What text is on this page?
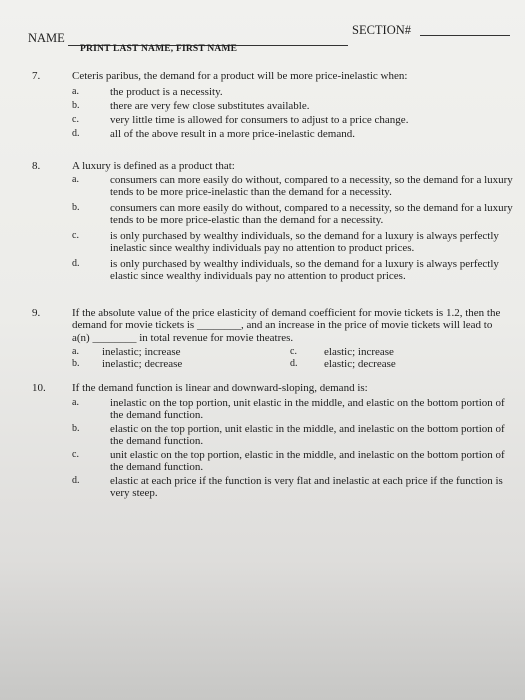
NAME
SECTION#
PRINT LAST NAME, FIRST NAME
7.	Ceteris paribus, the demand for a product will be more price-inelastic when:
a.	the product is a necessity.
b.	there are very few close substitutes available.
c.	very little time is allowed for consumers to adjust to a price change.
d.	all of the above result in a more price-inelastic demand.
8.	A luxury is defined as a product that:
a.	consumers can more easily do without, compared to a necessity, so the demand for a luxury tends to be more price-inelastic than the demand for a necessity.
b.	consumers can more easily do without, compared to a necessity, so the demand for a luxury tends to be more price-elastic than the demand for a necessity.
c.	is only purchased by wealthy individuals, so the demand for a luxury is always perfectly inelastic since wealthy individuals pay no attention to product prices.
d.	is only purchased by wealthy individuals, so the demand for a luxury is always perfectly elastic since wealthy individuals pay no attention to product prices.
9.	If the absolute value of the price elasticity of demand coefficient for movie tickets is 1.2, then the demand for movie tickets is ________, and an increase in the price of movie tickets will lead to a(n) ________ in total revenue for movie theatres.
a. inelastic; increase	c. elastic; increase
b. inelastic; decrease	d. elastic; decrease
10. If the demand function is linear and downward-sloping, demand is:
a.	inelastic on the top portion, unit elastic in the middle, and elastic on the bottom portion of the demand function.
b.	elastic on the top portion, unit elastic in the middle, and inelastic on the bottom portion of the demand function.
c.	unit elastic on the top portion, elastic in the middle, and inelastic on the bottom portion of the demand function.
d.	elastic at each price if the function is very flat and inelastic at each price if the function is very steep.
